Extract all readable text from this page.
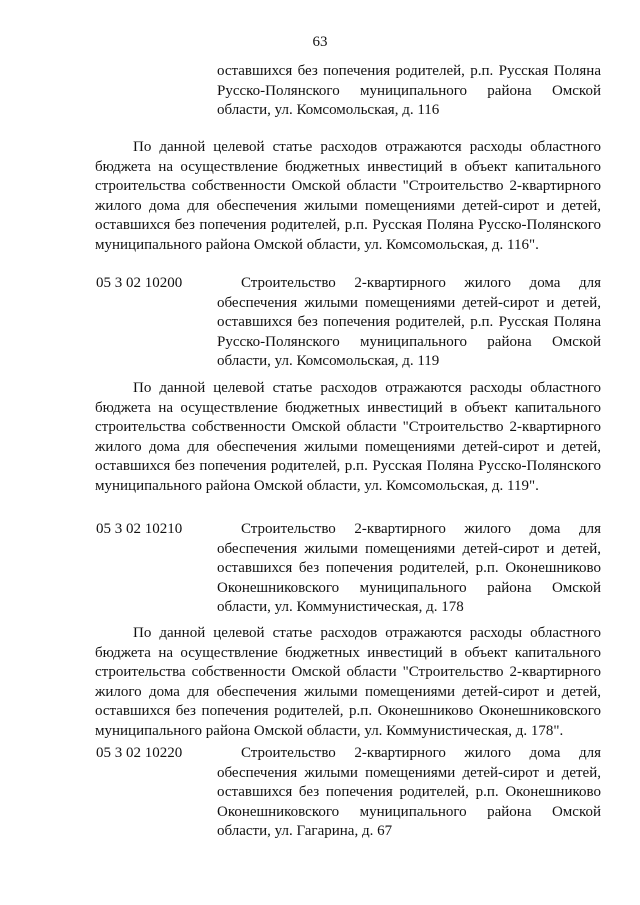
63
оставшихся без попечения родителей, р.п. Русская Поляна Русско-Полянского муниципального района Омской области, ул. Комсомольская, д. 116
По данной целевой статье расходов отражаются расходы областного бюджета на осуществление бюджетных инвестиций в объект капитального строительства собственности Омской области "Строительство 2-квартирного жилого дома для обеспечения жилыми помещениями детей-сирот и детей, оставшихся без попечения родителей, р.п. Русская Поляна Русско-Полянского муниципального района Омской области, ул. Комсомольская, д. 116".
05 3 02 10200	Строительство 2-квартирного жилого дома для обеспечения жилыми помещениями детей-сирот и детей, оставшихся без попечения родителей, р.п. Русская Поляна Русско-Полянского муниципального района Омской области, ул. Комсомольская, д. 119
По данной целевой статье расходов отражаются расходы областного бюджета на осуществление бюджетных инвестиций в объект капитального строительства собственности Омской области "Строительство 2-квартирного жилого дома для обеспечения жилыми помещениями детей-сирот и детей, оставшихся без попечения родителей, р.п. Русская Поляна Русско-Полянского муниципального района Омской области, ул. Комсомольская, д. 119".
05 3 02 10210	Строительство 2-квартирного жилого дома для обеспечения жилыми помещениями детей-сирот и детей, оставшихся без попечения родителей, р.п. Оконешниково Оконешниковского муниципального района Омской области, ул. Коммунистическая, д. 178
По данной целевой статье расходов отражаются расходы областного бюджета на осуществление бюджетных инвестиций в объект капитального строительства собственности Омской области "Строительство 2-квартирного жилого дома для обеспечения жилыми помещениями детей-сирот и детей, оставшихся без попечения родителей, р.п. Оконешниково Оконешниковского муниципального района Омской области, ул. Коммунистическая, д. 178".
05 3 02 10220	Строительство 2-квартирного жилого дома для обеспечения жилыми помещениями детей-сирот и детей, оставшихся без попечения родителей, р.п. Оконешниково Оконешниковского муниципального района Омской области, ул. Гагарина, д. 67
